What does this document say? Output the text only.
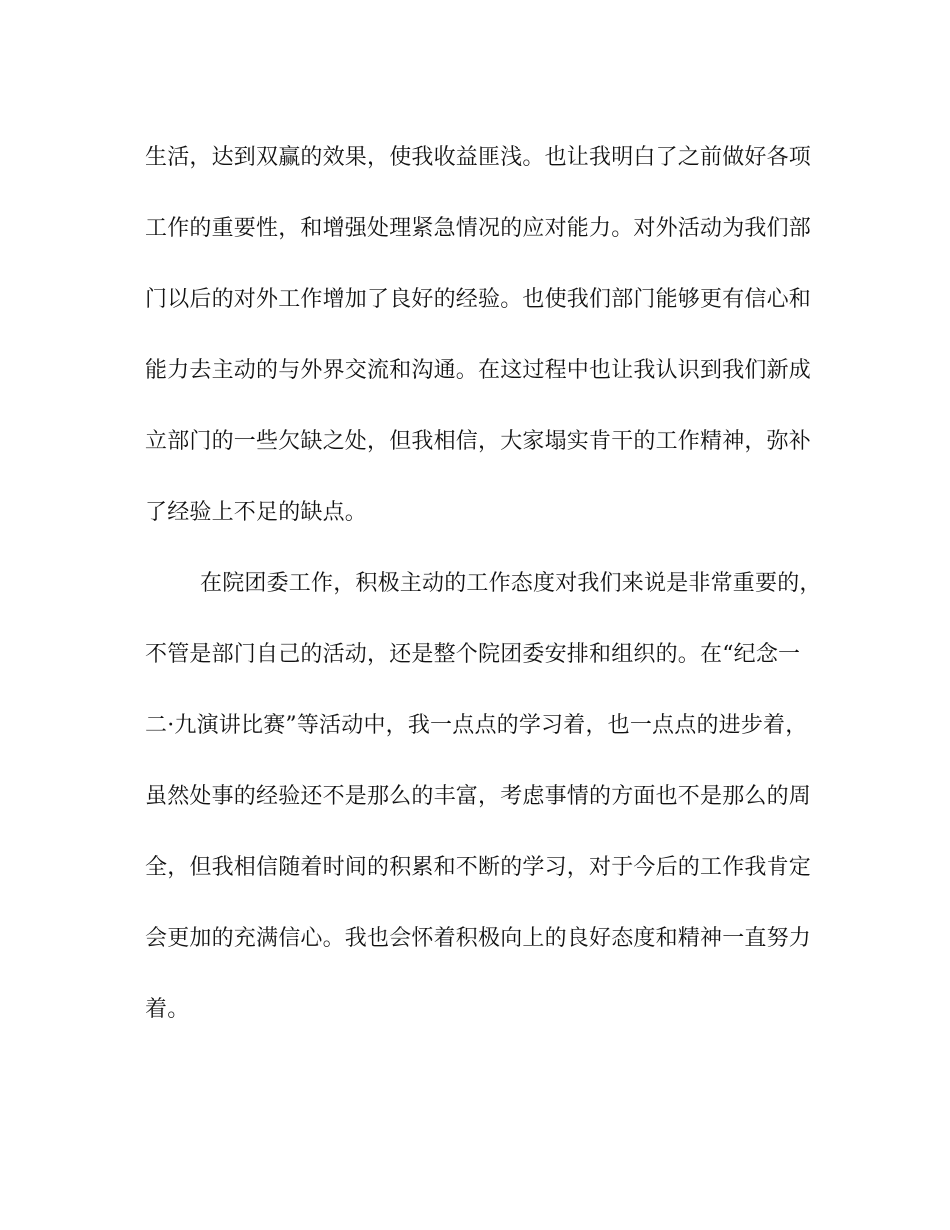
生活，达到双赢的效果，使我收益匪浅。也让我明白了之前做好各项
工作的重要性，和增强处理紧急情况的应对能力。对外活动为我们部
门以后的对外工作增加了良好的经验。也使我们部门能够更有信心和
能力去主动的与外界交流和沟通。在这过程中也让我认识到我们新成
立部门的一些欠缺之处，但我相信，大家塌实肯干的工作精神，弥补
了经验上不足的缺点。
在院团委工作，积极主动的工作态度对我们来说是非常重要的，
不管是部门自己的活动，还是整个院团委安排和组织的。在“纪念一
二·九演讲比赛”等活动中，我一点点的学习着，也一点点的进步着，
虽然处事的经验还不是那么的丰富，考虑事情的方面也不是那么的周
全，但我相信随着时间的积累和不断的学习，对于今后的工作我肯定
会更加的充满信心。我也会怀着积极向上的良好态度和精神一直努力
着。
